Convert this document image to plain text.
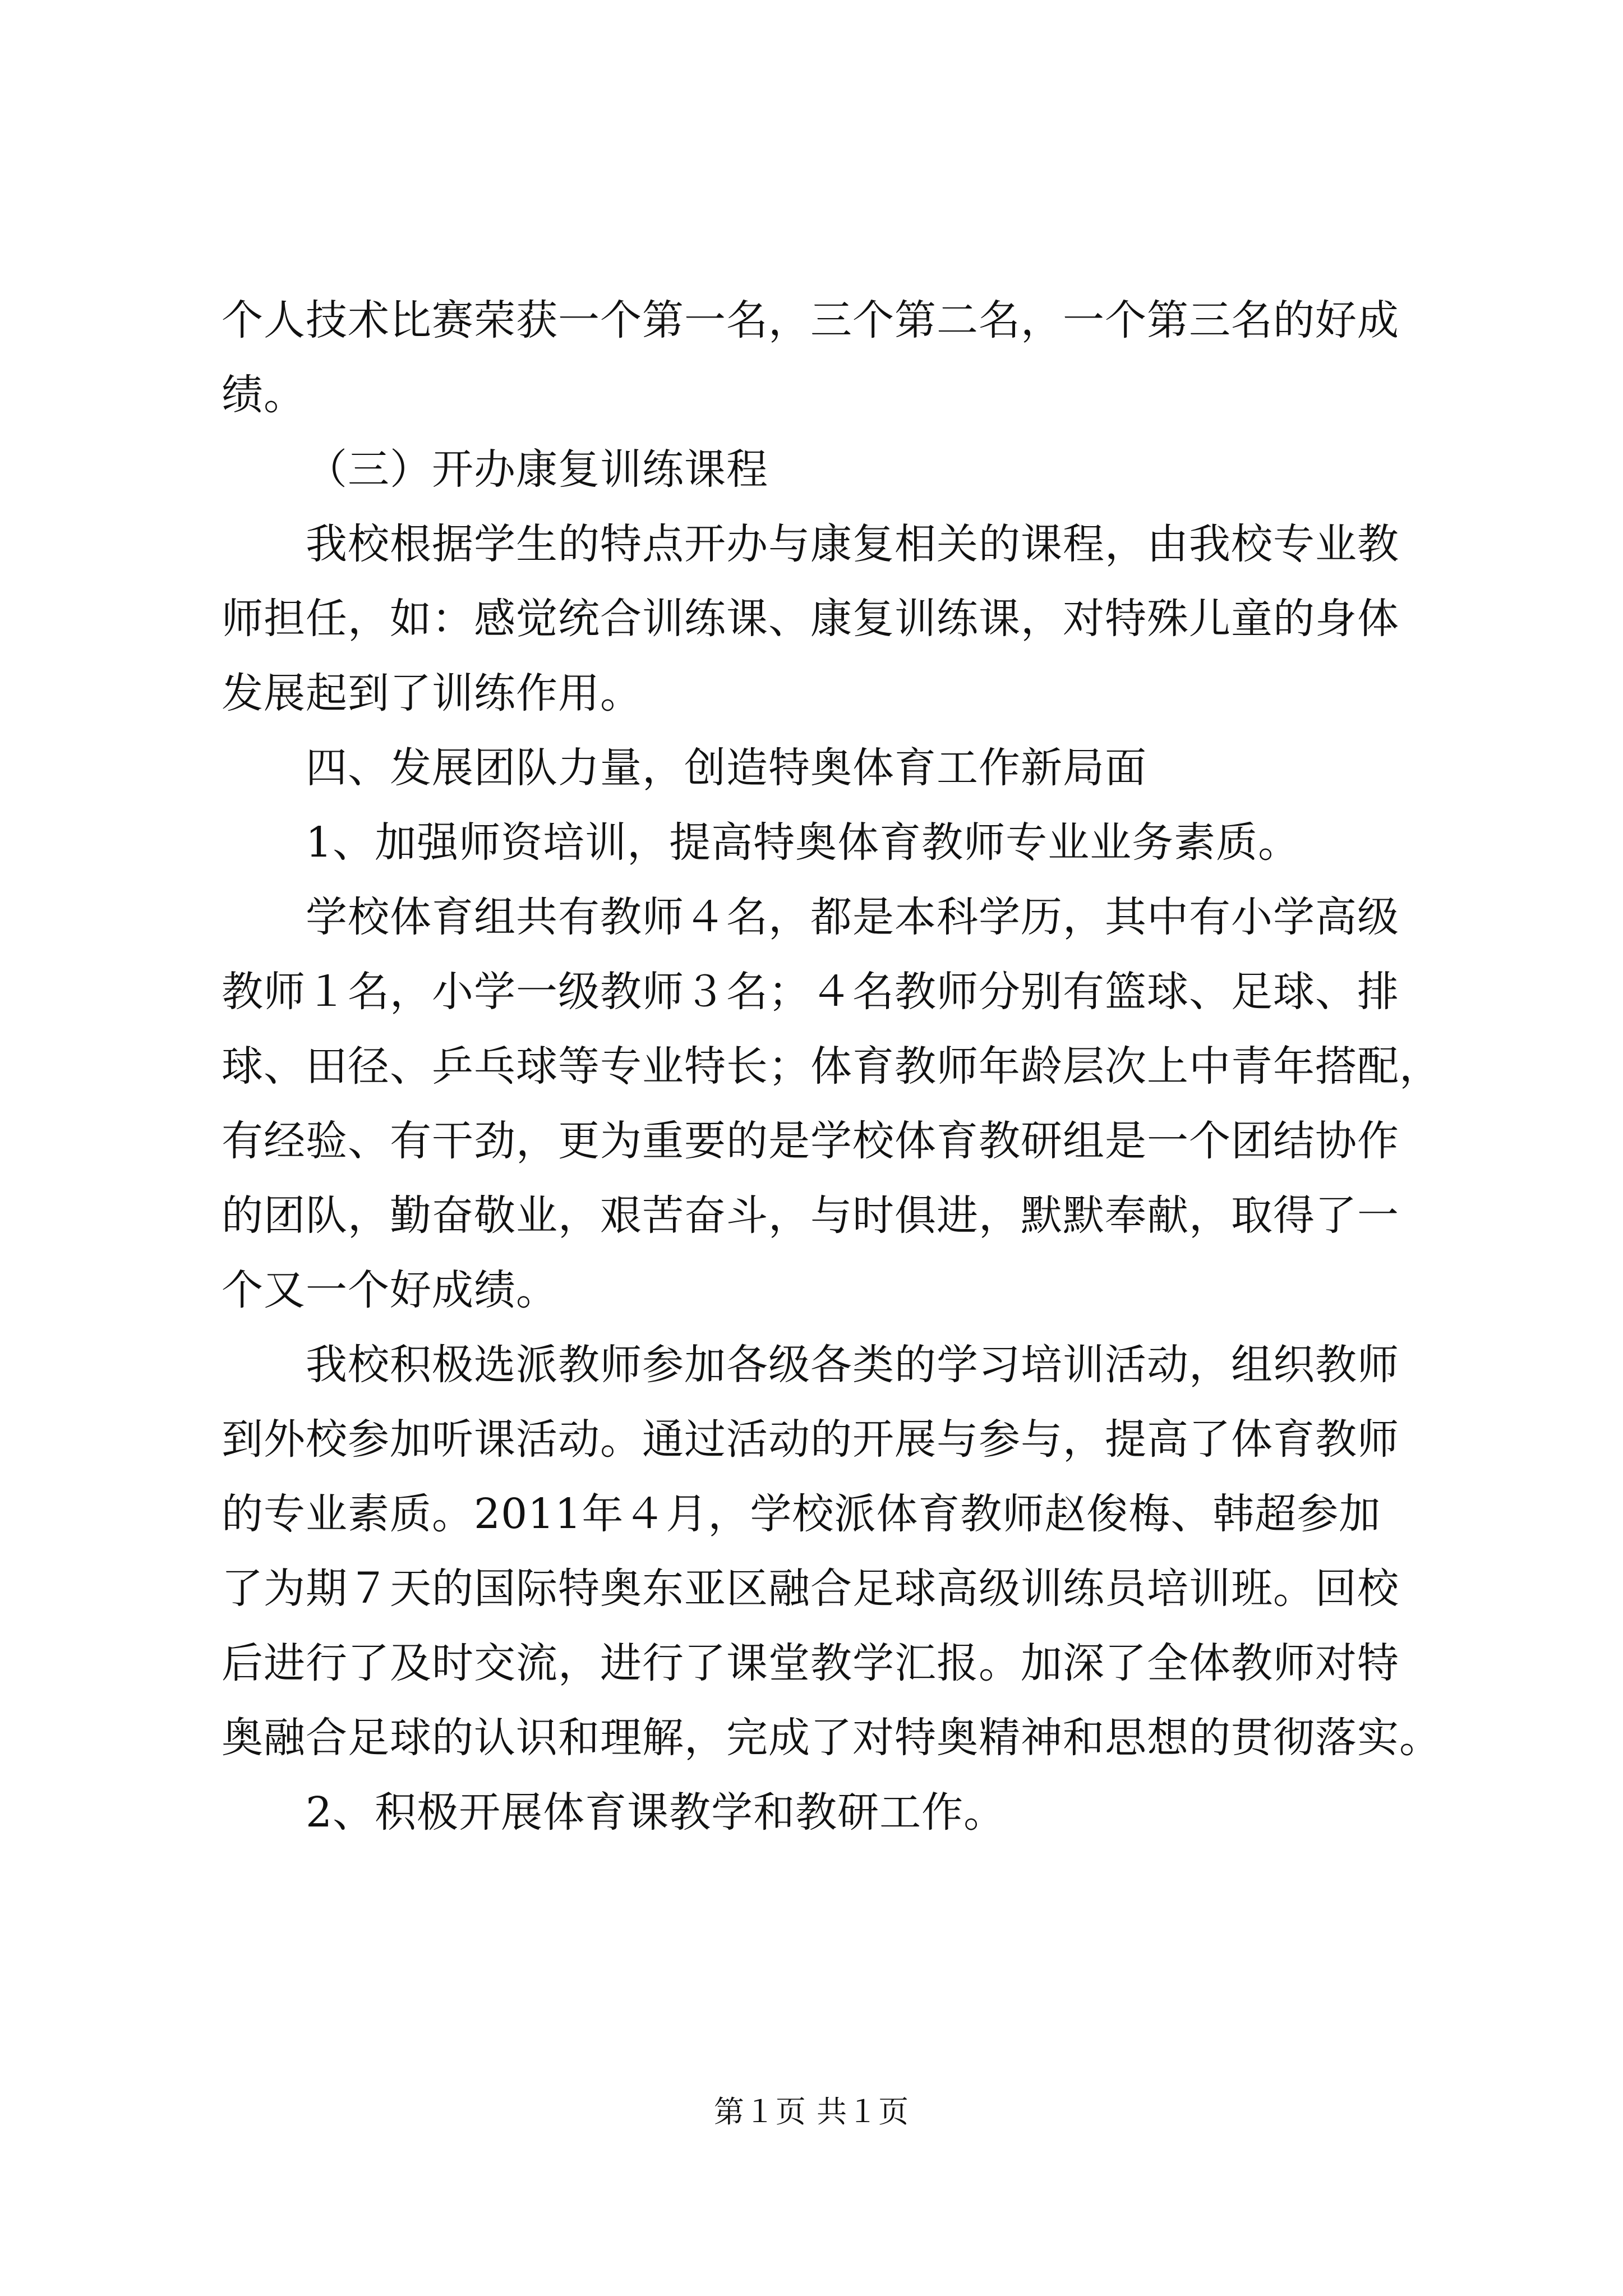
个人技术比赛荣获一个第一名，三个第二名，一个第三名的好成
绩。
（三）开办康复训练课程
我校根据学生的特点开办与康复相关的课程，由我校专业教
师担任，如：感觉统合训练课、康复训练课，对特殊儿童的身体
发展起到了训练作用。
四、发展团队力量，创造特奥体育工作新局面
1、加强师资培训，提高特奥体育教师专业业务素质。
学校体育组共有教师４名，都是本科学历，其中有小学高级
教师１名，小学一级教师３名；４名教师分别有篮球、足球、排
球、田径、乒乓球等专业特长；体育教师年龄层次上中青年搭配，
有经验、有干劲，更为重要的是学校体育教研组是一个团结协作
的团队，勤奋敬业，艰苦奋斗，与时俱进，默默奉献，取得了一
个又一个好成绩。
我校积极选派教师参加各级各类的学习培训活动，组织教师
到外校参加听课活动。通过活动的开展与参与，提高了体育教师
的专业素质。2011年４月，学校派体育教师赵俊梅、韩超参加
了为期７天的国际特奥东亚区融合足球高级训练员培训班。回校
后进行了及时交流，进行了课堂教学汇报。加深了全体教师对特
奥融合足球的认识和理解，完成了对特奥精神和思想的贯彻落实。
2、积极开展体育课教学和教研工作。
第１页 共１页
